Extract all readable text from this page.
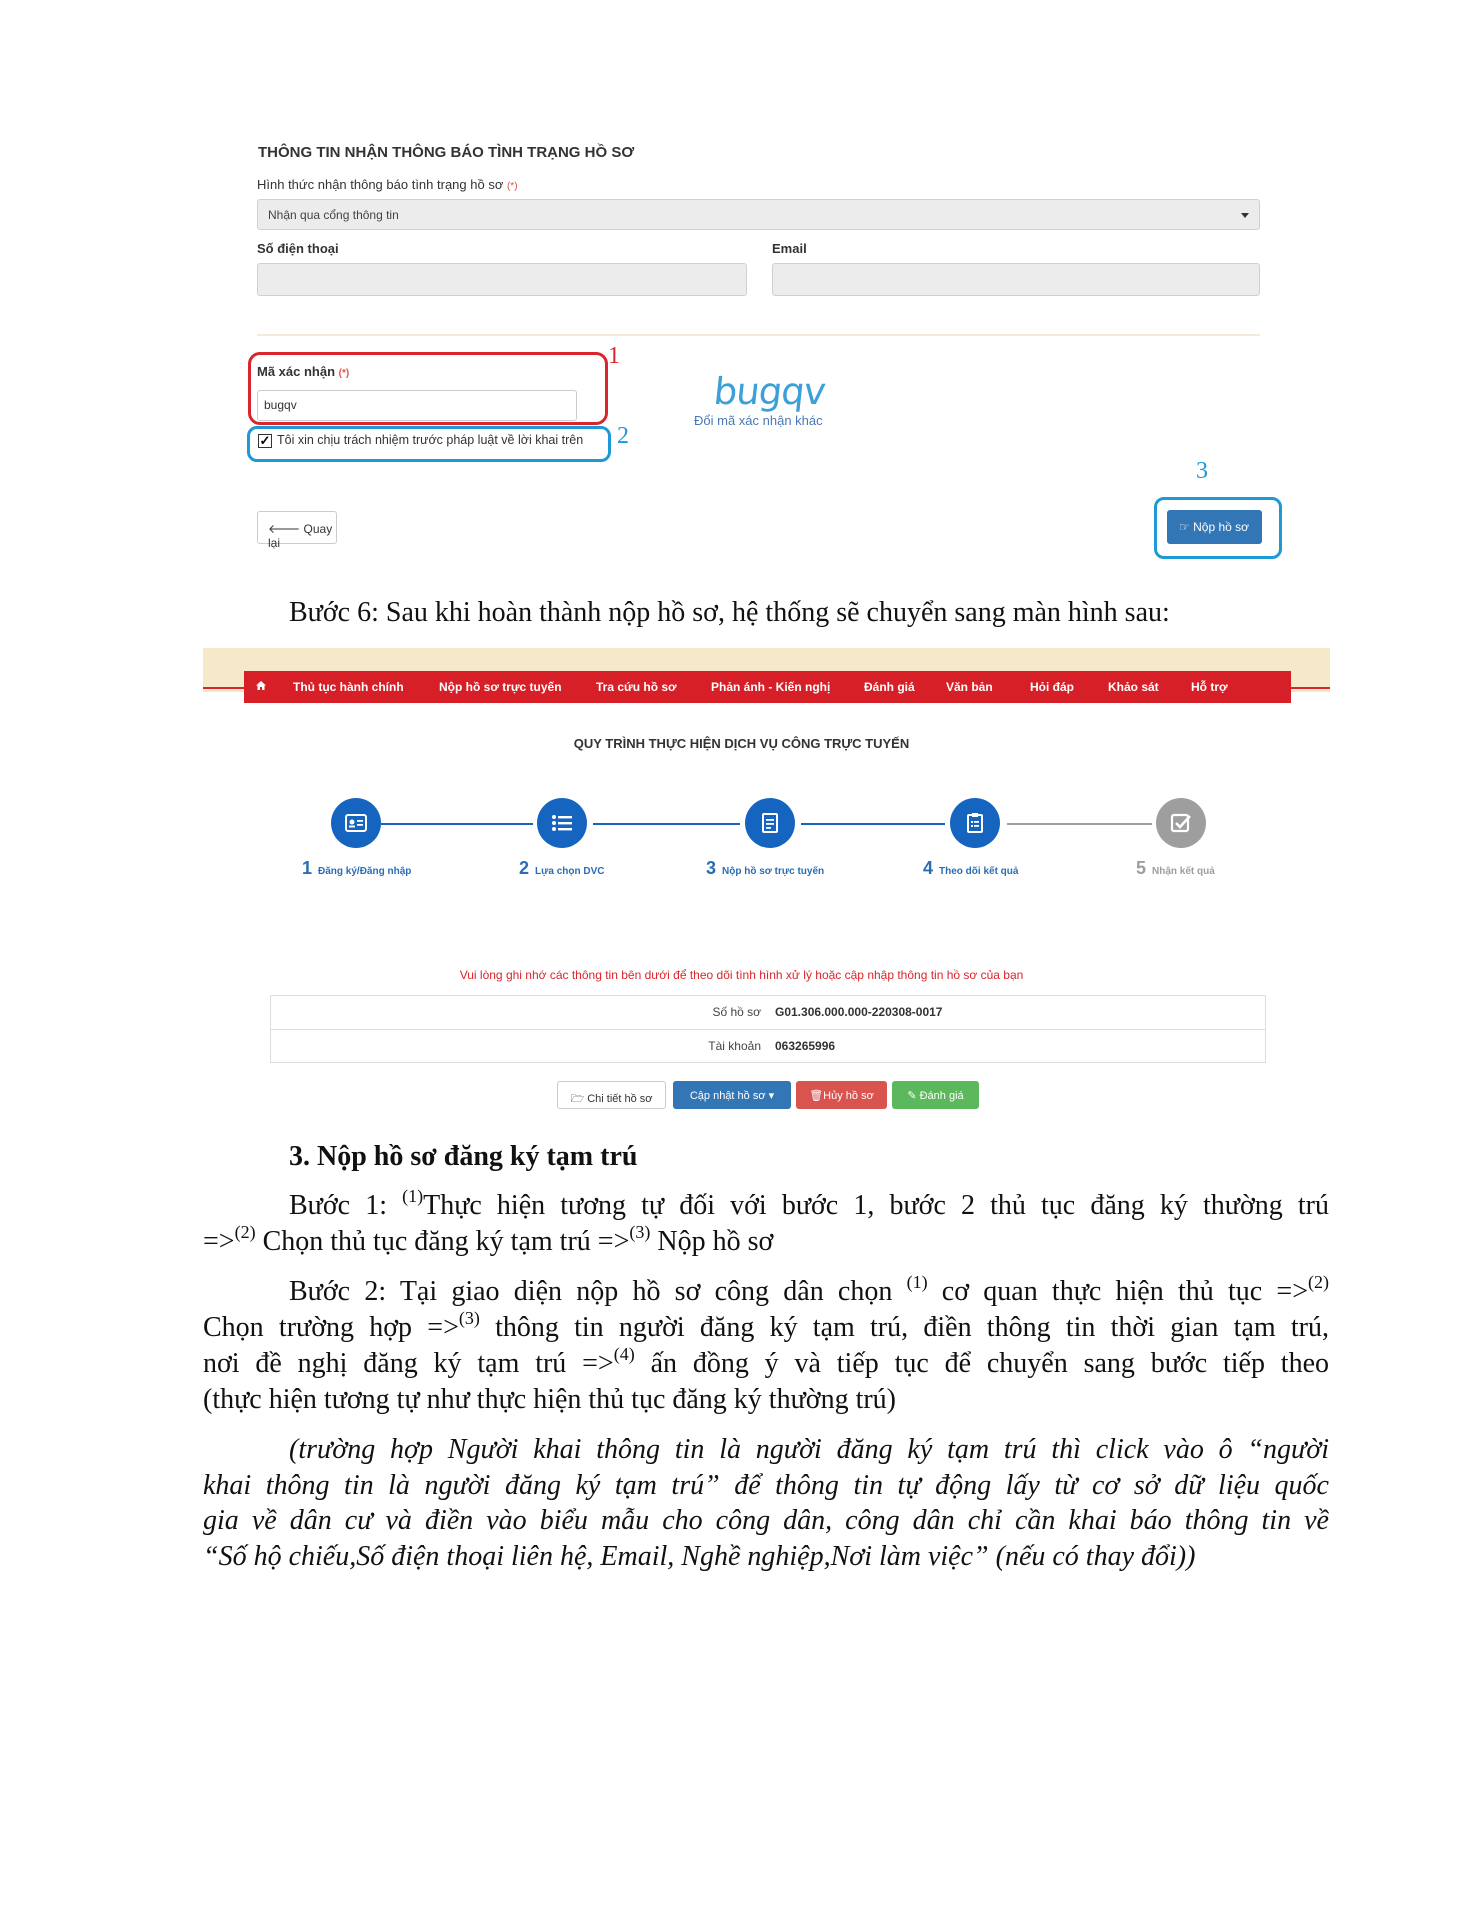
THÔNG TIN NHẬN THÔNG BÁO TÌNH TRẠNG HỒ SƠ
Hình thức nhận thông báo tình trạng hồ sơ (*)
Nhận qua cổng thông tin
Số điện thoại	Email
Mã xác nhận (*)
bugqv
1
✓ Tôi xin chịu trách nhiệm trước pháp luật về lời khai trên 2
bugqv
Đổi mã xác nhận khác
3
🡐 Quay lại
☞ Nộp hồ sơ
Bước 6: Sau khi hoàn thành nộp hồ sơ, hệ thống sẽ chuyển sang màn hình sau:
Thủ tục hành chính	Nộp hồ sơ trực tuyến	Tra cứu hồ sơ	Phản ánh - Kiến nghị	Đánh giá	Văn bản	Hỏi đáp	Khảo sát	Hỗ trợ
QUY TRÌNH THỰC HIỆN DỊCH VỤ CÔNG TRỰC TUYẾN
1 Đăng ký/Đăng nhập	2 Lựa chọn DVC	3 Nộp hồ sơ trực tuyến	4 Theo dõi kết quả	5 Nhận kết quả
Vui lòng ghi nhớ các thông tin bên dưới để theo dõi tình hình xử lý hoặc cập nhập thông tin hồ sơ của bạn
Số hồ sơ G01.306.000.000-220308-0017
Tài khoản 063265996
🗁 Chi tiết hồ sơ	Cập nhật hồ sơ ▾	🗑Hủy hồ sơ	✎ Đánh giá
3. Nộp hồ sơ đăng ký tạm trú
Bước 1: $^{(1)}$Thực hiện tương tự đối với bước 1, bước 2 thủ tục đăng ký thường trú
=>$^{(2)}$ Chọn thủ tục đăng ký tạm trú =>$^{(3)}$ Nộp hồ sơ
Bước 2: Tại giao diện nộp hồ sơ công dân chọn $^{(1)}$ cơ quan thực hiện thủ tục =>$^{(2)}$
Chọn trường hợp =>$^{(3)}$ thông tin người đăng ký tạm trú, điền thông tin thời gian tạm trú,
nơi đề nghị đăng ký tạm trú =>$^{(4)}$ ấn đồng ý và tiếp tục để chuyển sang bước tiếp theo
(thực hiện tương tự như thực hiện thủ tục đăng ký thường trú)
(trường hợp Người khai thông tin là người đăng ký tạm trú thì click vào ô “người
khai thông tin là người đăng ký tạm trú” để thông tin tự động lấy từ cơ sở dữ liệu quốc
gia về dân cư và điền vào biểu mẫu cho công dân, công dân chỉ cần khai báo thông tin về
“Số hộ chiếu,Số điện thoại liên hệ, Email, Nghề nghiệp,Nơi làm việc” (nếu có thay đổi))
